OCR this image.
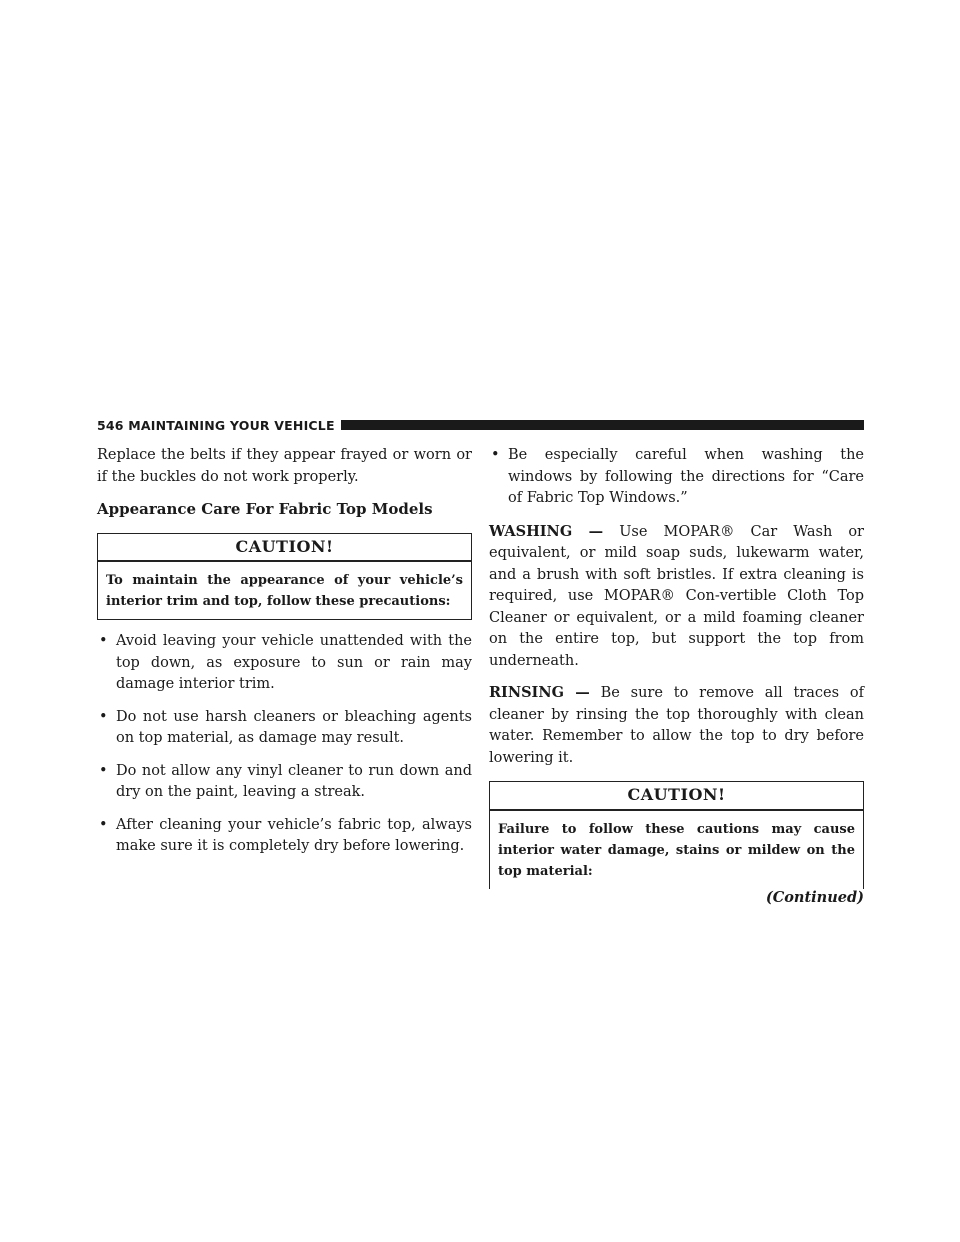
546 MAINTAINING YOUR VEHICLE

Replace the belts if they appear frayed or worn or if the buckles do not work properly.

Appearance Care For Fabric Top Models
CAUTION!
To maintain the appearance of your vehicle’s interior trim and top, follow these precautions:
• Avoid leaving your vehicle unattended with the top down, as exposure to sun or rain may damage interior trim.
• Do not use harsh cleaners or bleaching agents on top material, as damage may result.
• Do not allow any vinyl cleaner to run down and dry on the paint, leaving a streak.
• After cleaning your vehicle’s fabric top, always make sure it is completely dry before lowering.
• Be especially careful when washing the windows by following the directions for “Care of Fabric Top Windows.”

WASHING — Use MOPAR® Car Wash or equivalent, or mild soap suds, lukewarm water, and a brush with soft bristles. If extra cleaning is required, use MOPAR® Con-vertible Cloth Top Cleaner or equivalent, or a mild foaming cleaner on the entire top, but support the top from underneath.

RINSING — Be sure to remove all traces of cleaner by rinsing the top thoroughly with clean water. Remember to allow the top to dry before lowering it.

CAUTION!
Failure to follow these cautions may cause interior water damage, stains or mildew on the top material:
(Continued)
